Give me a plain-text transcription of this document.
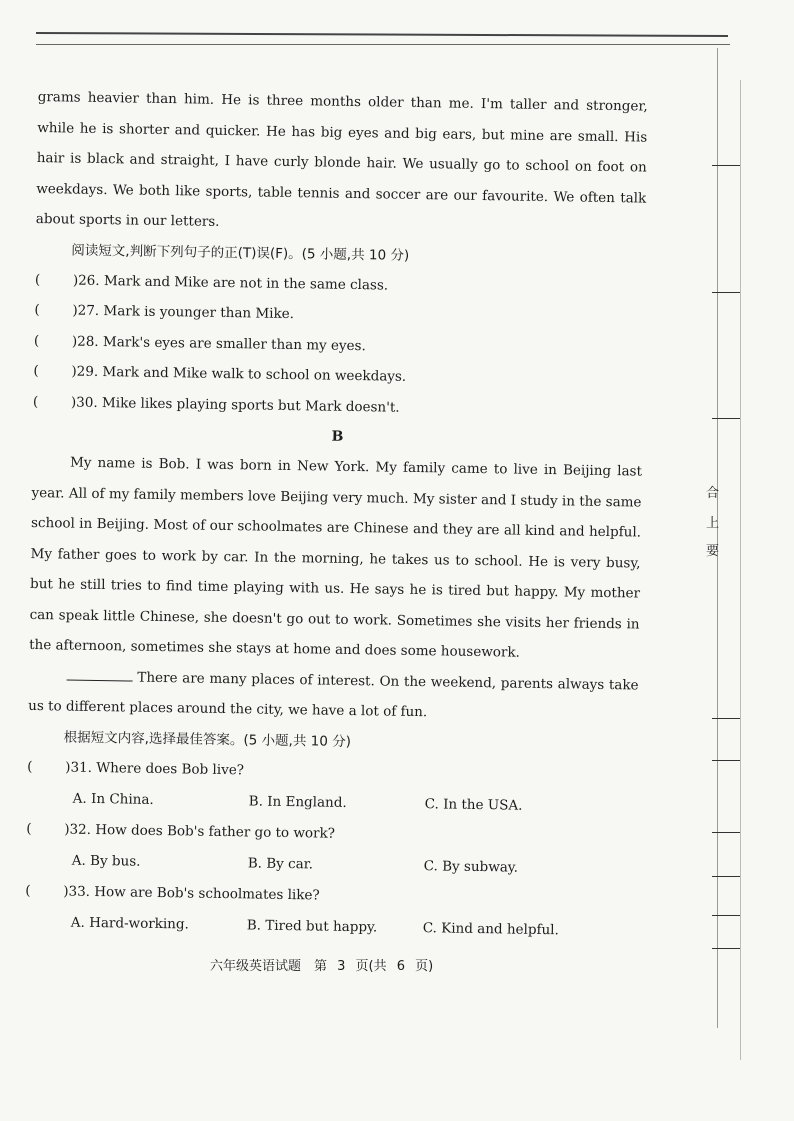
合
上
要

grams heavier than him. He is three months older than me. I'm taller and stronger, while he is shorter and quicker. He has big eyes and big ears, but mine are small. His hair is black and straight, I have curly blonde hair. We usually go to school on foot on weekdays. We both like sports, table tennis and soccer are our favourite. We often talk about sports in our letters.

阅读短文,判断下列句子的正(T)误(F)。(5 小题,共 10 分)

(	)26. Mark and Mike are not in the same class.
(	)27. Mark is younger than Mike.
(	)28. Mark's eyes are smaller than my eyes.
(	)29. Mark and Mike walk to school on weekdays.
(	)30. Mike likes playing sports but Mark doesn't.

B

My name is Bob. I was born in New York. My family came to live in Beijing last year. All of my family members love Beijing very much. My sister and I study in the same school in Beijing. Most of our schoolmates are Chinese and they are all kind and helpful. My father goes to work by car. In the morning, he takes us to school. He is very busy, but he still tries to find time playing with us. He says he is tired but happy. My mother can speak little Chinese, she doesn't go out to work. Sometimes she visits her friends in the afternoon, sometimes she stays at home and does some housework.

There are many places of interest. On the weekend, parents always take us to different places around the city, we have a lot of fun.

根据短文内容,选择最佳答案。(5 小题,共 10 分)

(	)31. Where does Bob live?
A. In China.	B. In England.	C. In the USA.
(	)32. How does Bob's father go to work?
A. By bus.	B. By car.	C. By subway.
(	)33. How are Bob's schoolmates like?
A. Hard-working.	B. Tired but happy.	C. Kind and helpful.
六年级英语试题　第 3 页(共 6 页)
